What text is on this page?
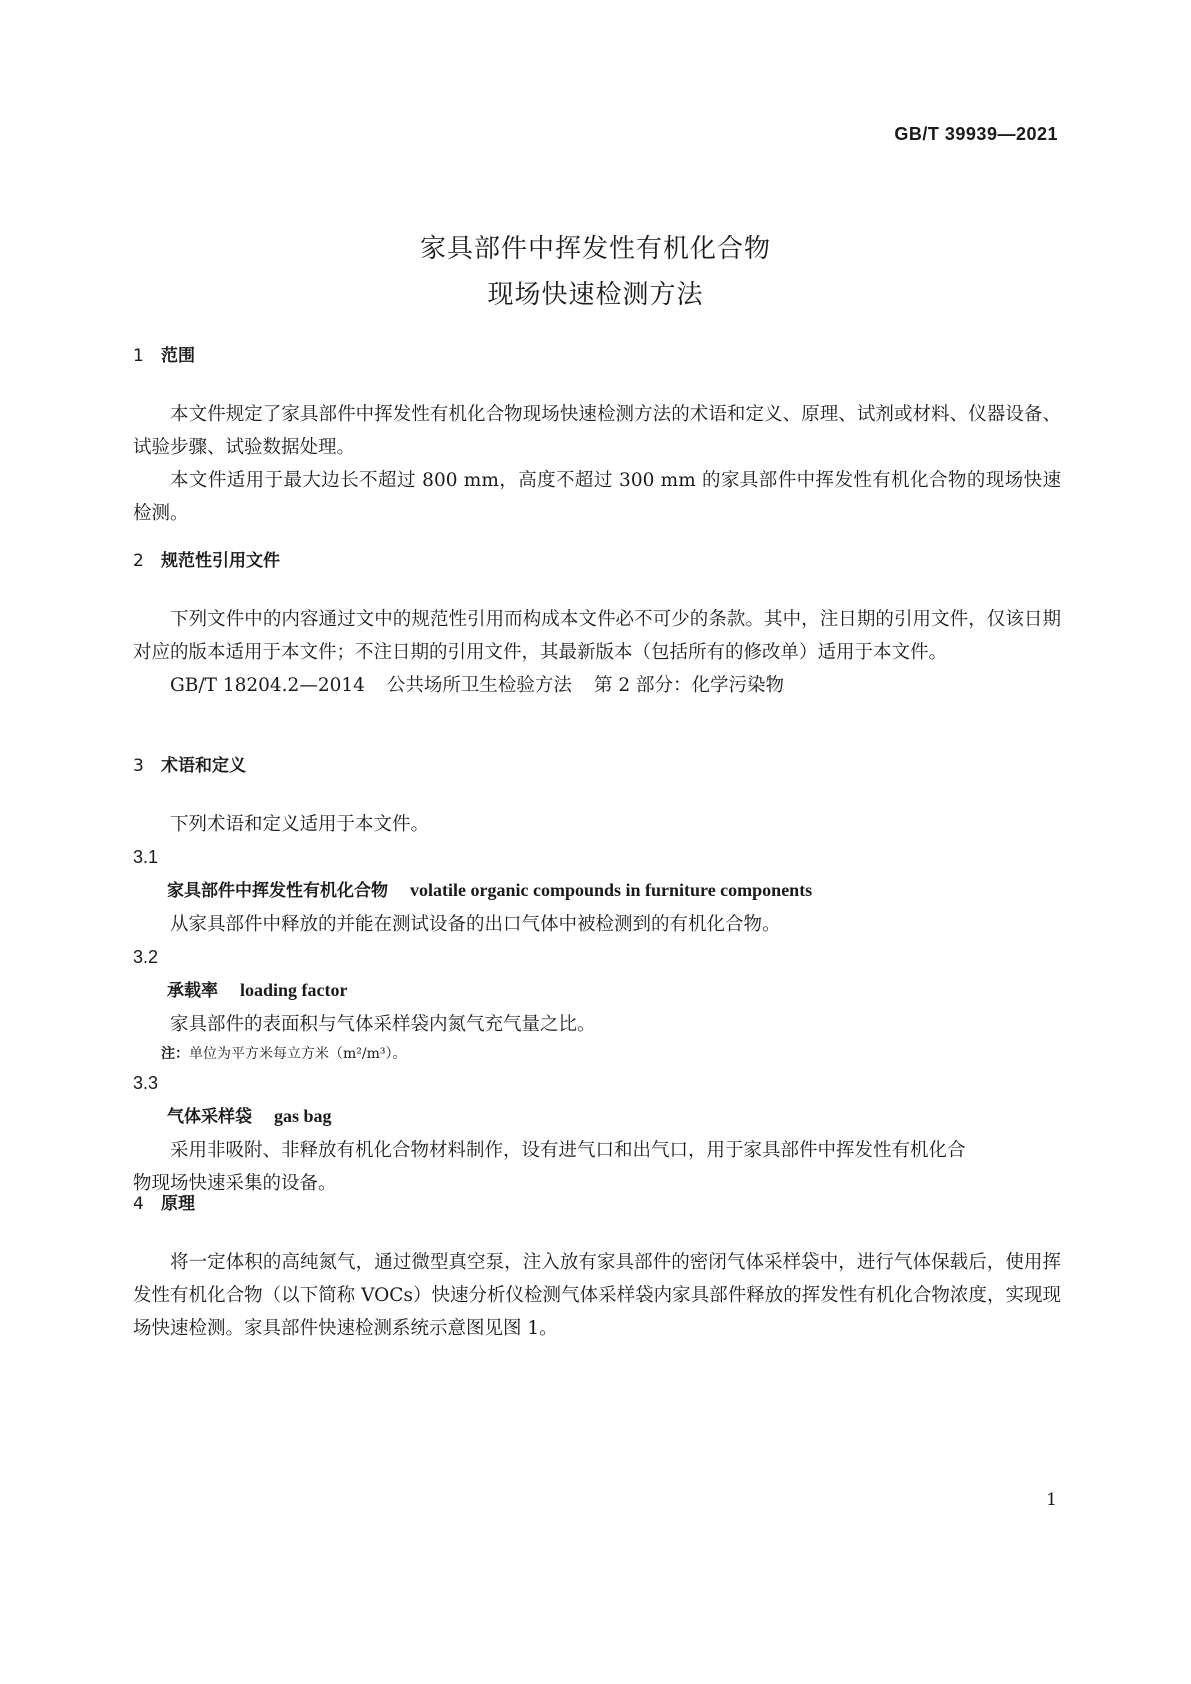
GB/T 39939—2021
家具部件中挥发性有机化合物
现场快速检测方法
1 范围

本文件规定了家具部件中挥发性有机化合物现场快速检测方法的术语和定义、原理、试剂或材料、仪器设备、试验步骤、试验数据处理。

本文件适用于最大边长不超过 800 mm，高度不超过 300 mm 的家具部件中挥发性有机化合物的现场快速检测。

2 规范性引用文件

下列文件中的内容通过文中的规范性引用而构成本文件必不可少的条款。其中，注日期的引用文件，仅该日期对应的版本适用于本文件；不注日期的引用文件，其最新版本（包括所有的修改单）适用于本文件。

GB/T 18204.2—2014 公共场所卫生检验方法 第 2 部分：化学污染物

3 术语和定义

下列术语和定义适用于本文件。

3.1
家具部件中挥发性有机化合物 volatile organic compounds in furniture components
从家具部件中释放的并能在测试设备的出口气体中被检测到的有机化合物。
3.2
承载率 loading factor
家具部件的表面积与气体采样袋内氮气充气量之比。
注：单位为平方米每立方米（m²/m³）。
3.3
气体采样袋 gas bag
采用非吸附、非释放有机化合物材料制作，设有进气口和出气口，用于家具部件中挥发性有机化合
物现场快速采集的设备。
4 原理

将一定体积的高纯氮气，通过微型真空泵，注入放有家具部件的密闭气体采样袋中，进行气体保载后，使用挥发性有机化合物（以下简称 VOCs）快速分析仪检测气体采样袋内家具部件释放的挥发性有机化合物浓度，实现现场快速检测。家具部件快速检测系统示意图见图 1。

1
